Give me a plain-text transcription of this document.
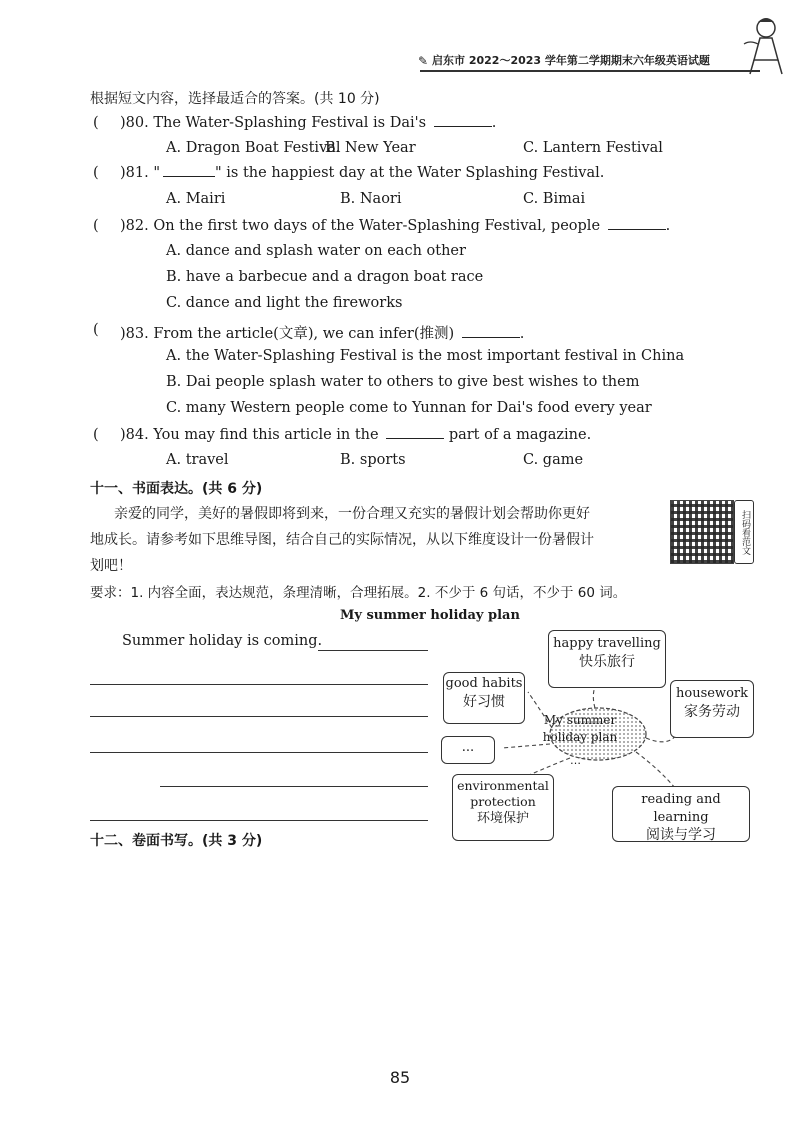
✎ 启东市 2022～2023 学年第二学期期末六年级英语试题
根据短文内容，选择最适合的答案。(共 10 分)
( )80. The Water-Splashing Festival is Dai's	.
A. Dragon Boat Festival
B. New Year	C. Lantern Festival
( )81. "	" is the happiest day at the Water Splashing Festival.
A. Mairi	B. Naori	C. Bimai
( )82. On the first two days of the Water-Splashing Festival, people	.
A. dance and splash water on each other
B. have a barbecue and a dragon boat race
C. dance and light the fireworks
( )83. From the article(文章), we can infer(推测)	.
A. the Water-Splashing Festival is the most important festival in China
B. Dai people splash water to others to give best wishes to them
C. many Western people come to Yunnan for Dai's food every year
( )84. You may find this article in the	part of a magazine.
A. travel	B. sports	C. game
十一、书面表达。(共 6 分)
亲爱的同学，美好的暑假即将到来，一份合理又充实的暑假计划会帮助你更好
地成长。请参考如下思维导图，结合自己的实际情况，从以下维度设计一份暑假计
划吧！
扫码看范文
要求：1. 内容全面，表达规范，条理清晰，合理拓展。2. 不少于 6 句话，不少于 60 词。
My summer holiday plan
Summer holiday is coming.
…
My summer
holiday plan
happy travelling
快乐旅行
good habits
好习惯
housework
家务劳动
...
environmental
protection
环境保护
reading and learning
阅读与学习
十二、卷面书写。(共 3 分)
85
